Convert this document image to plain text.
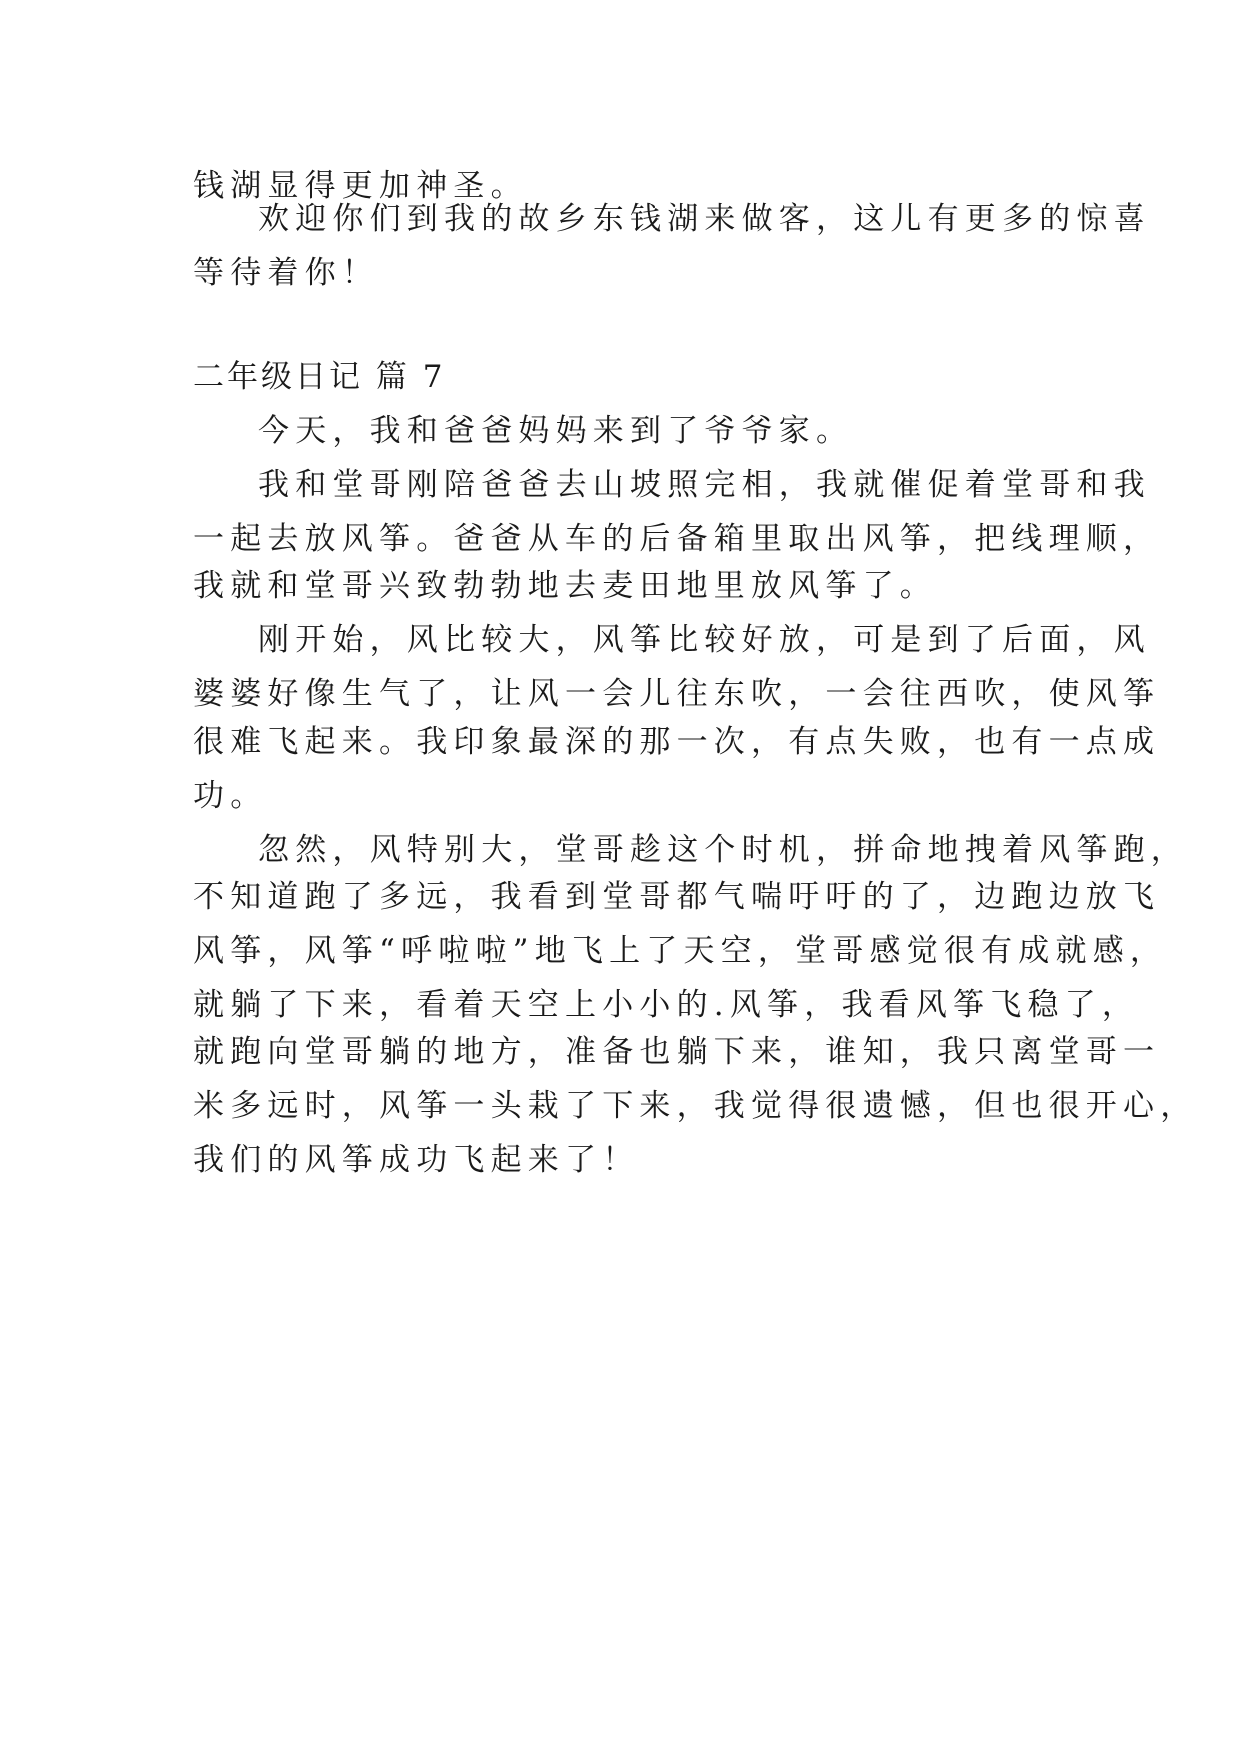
钱湖显得更加神圣。
欢迎你们到我的故乡东钱湖来做客，这儿有更多的惊喜
等待着你！
二年级日记 篇 7
今天，我和爸爸妈妈来到了爷爷家。
我和堂哥刚陪爸爸去山坡照完相，我就催促着堂哥和我
一起去放风筝。爸爸从车的后备箱里取出风筝，把线理顺，
我就和堂哥兴致勃勃地去麦田地里放风筝了。
刚开始，风比较大，风筝比较好放，可是到了后面，风
婆婆好像生气了，让风一会儿往东吹，一会往西吹，使风筝
很难飞起来。我印象最深的那一次，有点失败，也有一点成
功。
忽然，风特别大，堂哥趁这个时机，拼命地拽着风筝跑，
不知道跑了多远，我看到堂哥都气喘吁吁的了，边跑边放飞
风筝，风筝“呼啦啦”地飞上了天空，堂哥感觉很有成就感，
就躺了下来，看着天空上小小的.风筝，我看风筝飞稳了，
就跑向堂哥躺的地方，准备也躺下来，谁知，我只离堂哥一
米多远时，风筝一头栽了下来，我觉得很遗憾，但也很开心，
我们的风筝成功飞起来了！
